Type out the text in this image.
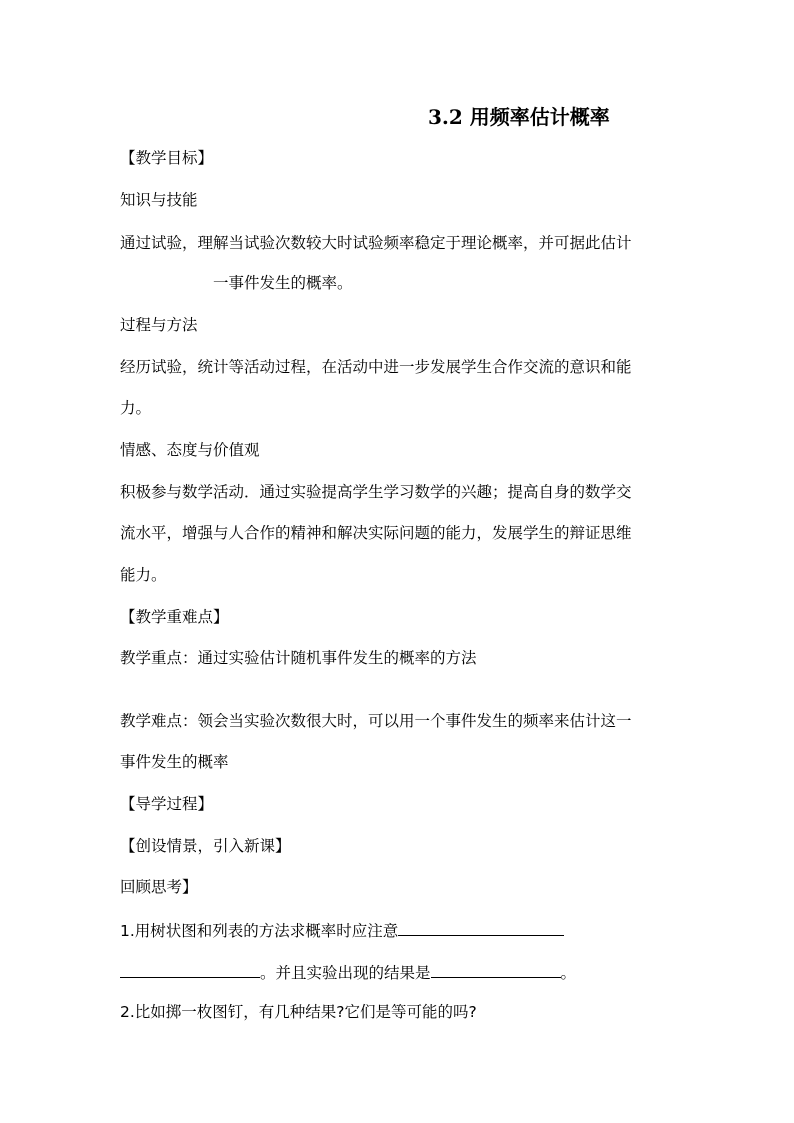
3.2 用频率估计概率
【教学目标】
知识与技能
通过试验，理解当试验次数较大时试验频率稳定于理论概率，并可据此估计
一事件发生的概率。
过程与方法
经历试验，统计等活动过程，在活动中进一步发展学生合作交流的意识和能
力。
情感、态度与价值观
积极参与数学活动．通过实验提高学生学习数学的兴趣；提高自身的数学交
流水平，增强与人合作的精神和解决实际问题的能力，发展学生的辩证思维
能力。
【教学重难点】
教学重点：通过实验估计随机事件发生的概率的方法
教学难点：领会当实验次数很大时，可以用一个事件发生的频率来估计这一
事件发生的概率
【导学过程】
【创设情景，引入新课】
回顾思考】
1.用树状图和列表的方法求概率时应注意
。并且实验出现的结果是	。
2.比如掷一枚图钉，有几种结果?它们是等可能的吗?
